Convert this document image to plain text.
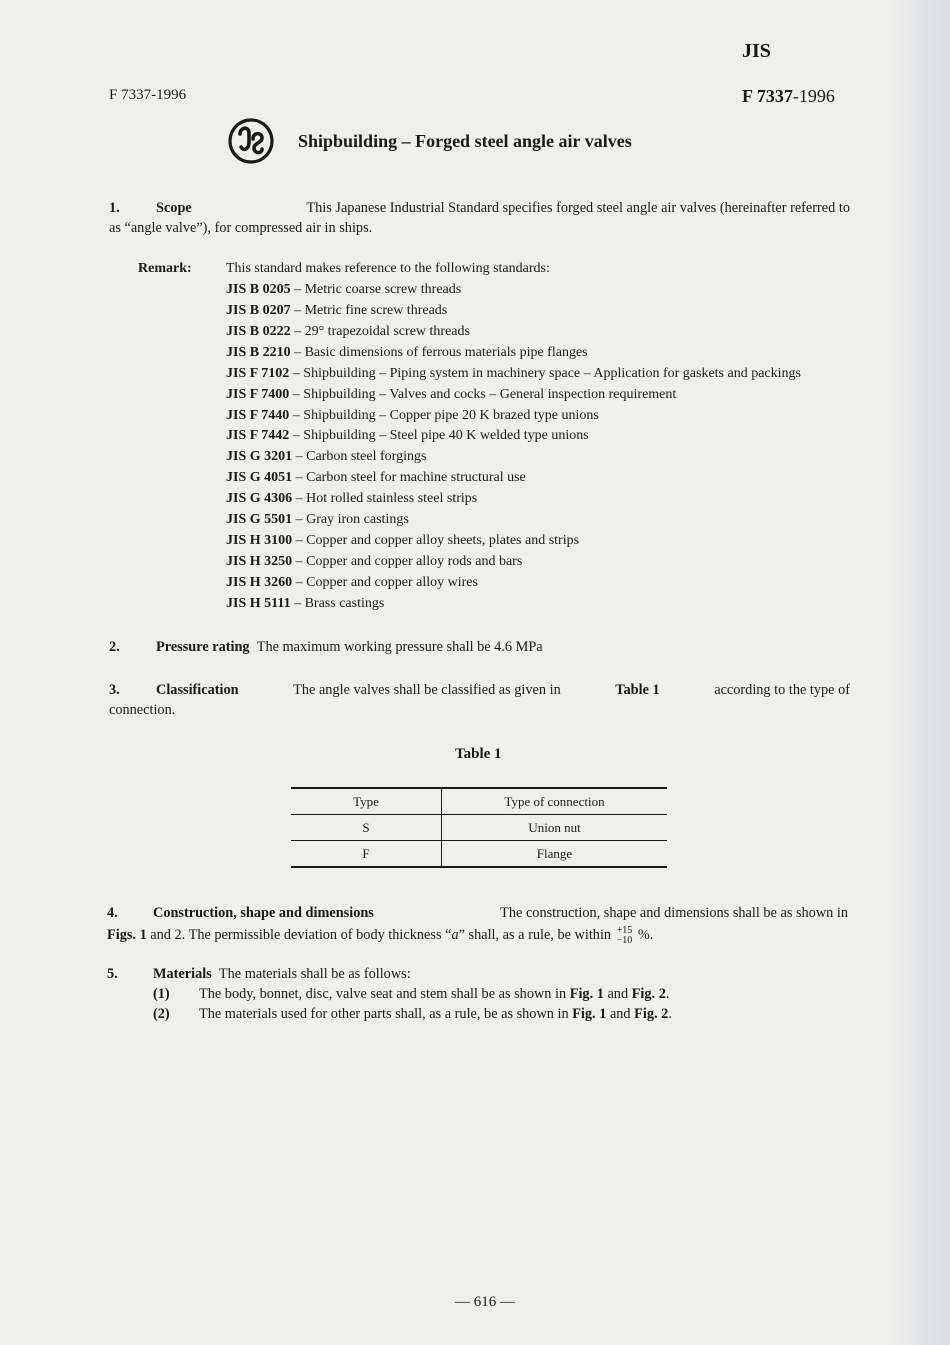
JIS
F 7337-1996	F 7337-1996
Shipbuilding – Forged steel angle air valves
1.	Scope	This Japanese Industrial Standard specifies forged steel angle air valves (hereinafter referred to
as “angle valve”), for compressed air in ships.
Remark: This standard makes reference to the following standards:
JIS B 0205 – Metric coarse screw threads
JIS B 0207 – Metric fine screw threads
JIS B 0222 – 29° trapezoidal screw threads
JIS B 2210 – Basic dimensions of ferrous materials pipe flanges
JIS F 7102 – Shipbuilding – Piping system in machinery space – Application for gaskets and packings
JIS F 7400 – Shipbuilding – Valves and cocks – General inspection requirement
JIS F 7440 – Shipbuilding – Copper pipe 20 K brazed type unions
JIS F 7442 – Shipbuilding – Steel pipe 40 K welded type unions
JIS G 3201 – Carbon steel forgings
JIS G 4051 – Carbon steel for machine structural use
JIS G 4306 – Hot rolled stainless steel strips
JIS G 5501 – Gray iron castings
JIS H 3100 – Copper and copper alloy sheets, plates and strips
JIS H 3250 – Copper and copper alloy rods and bars
JIS H 3260 – Copper and copper alloy wires
JIS H 5111 – Brass castings
2.	Pressure rating The maximum working pressure shall be 4.6 MPa
3.	Classification	The angle valves shall be classified as given in	Table 1	according to the type of
connection.
Table 1
Type	Type of connection
S	Union nut
F	Flange
4. Construction, shape and dimensions	The construction, shape and dimensions shall be as shown in
Figs. 1 and 2. The permissible deviation of body thickness “a” shall, as a rule, be within +15
−10 %.
5. Materials The materials shall be as follows:
(1) The body, bonnet, disc, valve seat and stem shall be as shown in Fig. 1 and Fig. 2.
(2) The materials used for other parts shall, as a rule, be as shown in Fig. 1 and Fig. 2.
— 616 —
